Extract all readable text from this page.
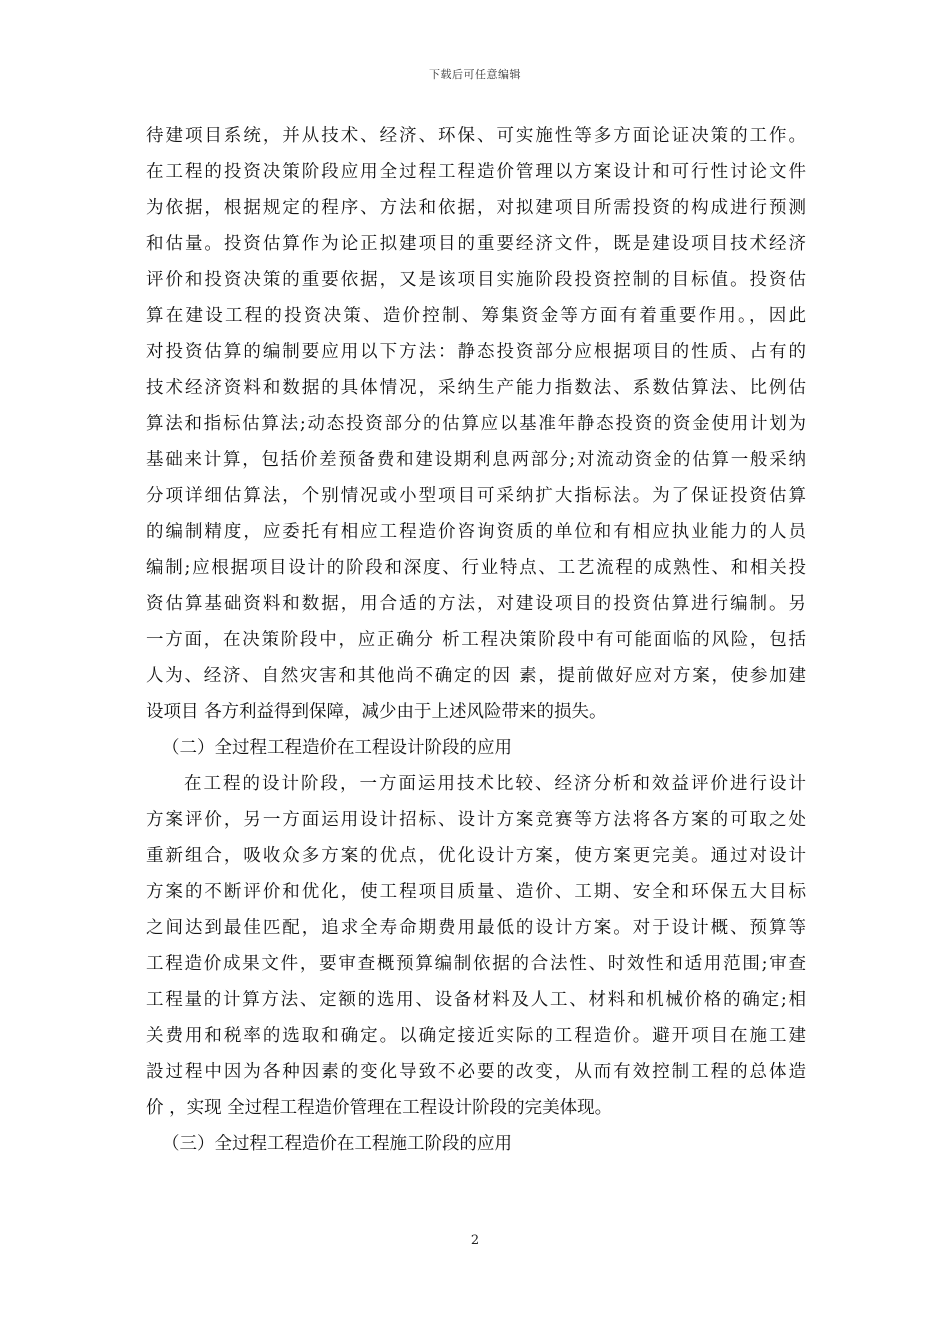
下载后可任意编辑
待建项目系统，并从技术、经济、环保、可实施性等多方面论证决策的工作。
在工程的投资决策阶段应用全过程工程造价管理以方案设计和可行性讨论文件
为依据，根据规定的程序、方法和依据，对拟建项目所需投资的构成进行预测
和估量。投资估算作为论正拟建项目的重要经济文件，既是建设项目技术经济
评价和投资决策的重要依据，又是该项目实施阶段投资控制的目标值。投资估
算在建设工程的投资决策、造价控制、筹集资金等方面有着重要作用。，因此
对投资估算的编制要应用以下方法：静态投资部分应根据项目的性质、占有的
技术经济资料和数据的具体情况，采纳生产能力指数法、系数估算法、比例估
算法和指标估算法;动态投资部分的估算应以基准年静态投资的资金使用计划为
基础来计算，包括价差预备费和建设期利息两部分;对流动资金的估算一般采纳
分项详细估算法，个别情况或小型项目可采纳扩大指标法。为了保证投资估算
的编制精度，应委托有相应工程造价咨询资质的单位和有相应执业能力的人员
编制;应根据项目设计的阶段和深度、行业特点、工艺流程的成熟性、和相关投
资估算基础资料和数据，用合适的方法，对建设项目的投资估算进行编制。另
一方面，在决策阶段中，应正确分 析工程决策阶段中有可能面临的风险，包括
人为、经济、自然灾害和其他尚不确定的因 素，提前做好应对方案，使参加建
设项目 各方利益得到保障，减少由于上述风险带来的损失。
（二）全过程工程造价在工程设计阶段的应用
在工程的设计阶段，一方面运用技术比较、经济分析和效益评价进行设计
方案评价，另一方面运用设计招标、设计方案竞赛等方法将各方案的可取之处
重新组合，吸收众多方案的优点，优化设计方案，使方案更完美。通过对设计
方案的不断评价和优化，使工程项目质量、造价、工期、安全和环保五大目标
之间达到最佳匹配，追求全寿命期费用最低的设计方案。对于设计概、预算等
工程造价成果文件，要审查概预算编制依据的合法性、时效性和适用范围;审查
工程量的计算方法、定额的选用、设备材料及人工、材料和机械价格的确定;相
关费用和税率的选取和确定。以确定接近实际的工程造价。避开项目在施工建
設过程中因为各种因素的变化导致不必要的改变，从而有效控制工程的总体造
价 ，实现 全过程工程造价管理在工程设计阶段的完美体现。
（三）全过程工程造价在工程施工阶段的应用
2
